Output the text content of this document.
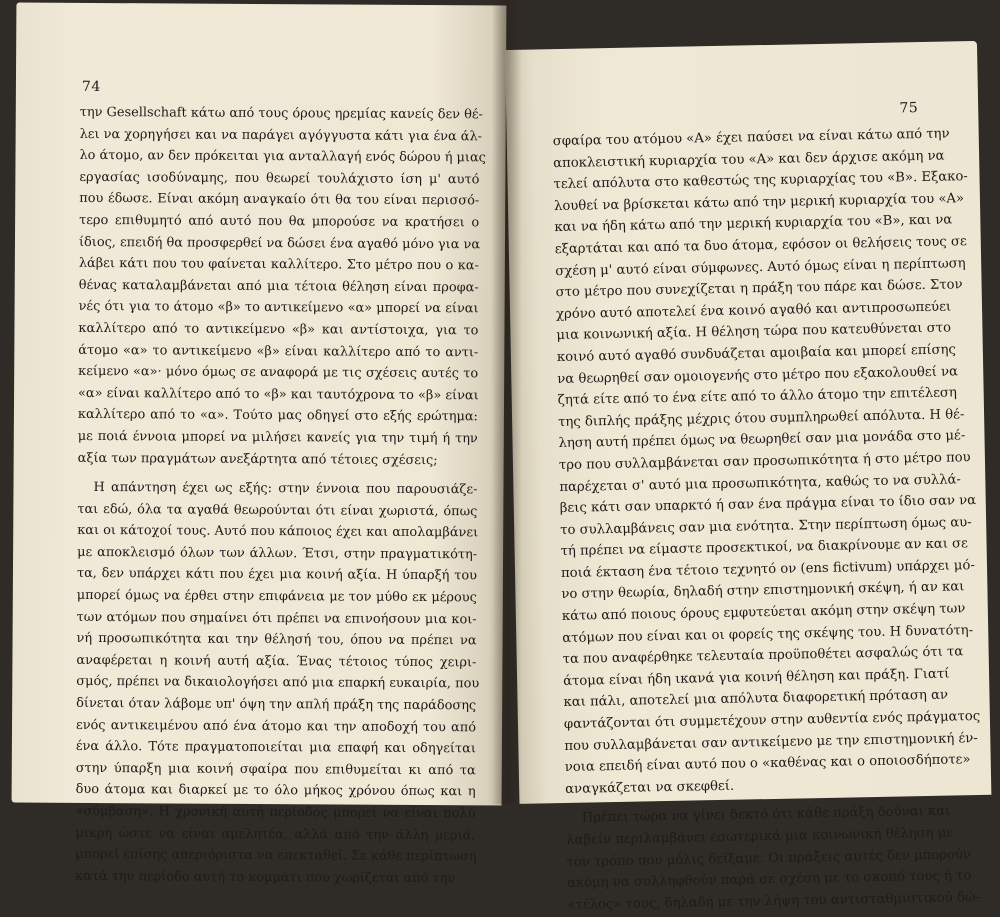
74
την Gesellschaft κάτω από τους όρους ηρεμίας κανείς δεν θέ-
λει να χορηγήσει και να παράγει αγόγγυστα κάτι για ένα άλ-
λο άτομο, αν δεν πρόκειται για ανταλλαγή ενός δώρου ή μιας
εργασίας ισοδύναμης, που θεωρεί τουλάχιστο ίση μ' αυτό
που έδωσε. Είναι ακόμη αναγκαίο ότι θα του είναι περισσό-
τερο επιθυμητό από αυτό που θα μπορούσε να κρατήσει ο
ίδιος, επειδή θα προσφερθεί να δώσει ένα αγαθό μόνο για να
λάβει κάτι που του φαίνεται καλλίτερο. Στο μέτρο που ο κα-
θένας καταλαμβάνεται από μια τέτοια θέληση είναι προφα-
νές ότι για το άτομο «β» το αντικείμενο «α» μπορεί να είναι
καλλίτερο από το αντικείμενο «β» και αντίστοιχα, για το
άτομο «α» το αντικείμενο «β» είναι καλλίτερο από το αντι-
κείμενο «α»· μόνο όμως σε αναφορά με τις σχέσεις αυτές το
«α» είναι καλλίτερο από το «β» και ταυτόχρονα το «β» είναι
καλλίτερο από το «α». Τούτο μας οδηγεί στο εξής ερώτημα:
με ποιά έννοια μπορεί να μιλήσει κανείς για την τιμή ή την
αξία των πραγμάτων ανεξάρτητα από τέτοιες σχέσεις;
Η απάντηση έχει ως εξής: στην έννοια που παρουσιάζε-
ται εδώ, όλα τα αγαθά θεωρούνται ότι είναι χωριστά, όπως
και οι κάτοχοί τους. Αυτό που κάποιος έχει και απολαμβάνει
με αποκλεισμό όλων των άλλων. Έτσι, στην πραγματικότη-
τα, δεν υπάρχει κάτι που έχει μια κοινή αξία. Η ύπαρξή του
μπορεί όμως να έρθει στην επιφάνεια με τον μύθο εκ μέρους
των ατόμων που σημαίνει ότι πρέπει να επινοήσουν μια κοι-
νή προσωπικότητα και την θέλησή του, όπου να πρέπει να
αναφέρεται η κοινή αυτή αξία. Ένας τέτοιος τύπος χειρι-
σμός, πρέπει να δικαιολογήσει από μια επαρκή ευκαιρία, που
δίνεται όταν λάβομε υπ' όψη την απλή πράξη της παράδοσης
ενός αντικειμένου από ένα άτομο και την αποδοχή του από
ένα άλλο. Τότε πραγματοποιείται μια επαφή και οδηγείται
στην ύπαρξη μια κοινή σφαίρα που επιθυμείται κι από τα
δυο άτομα και διαρκεί με το όλο μήκος χρόνου όπως και η
«σύμβαση». Η χρονική αυτή περίοδος μπορεί να είναι πολύ
μικρή ώστε να είναι αμελητέα, αλλά από την άλλη μεριά,
μπορεί επίσης απεριόριστα να επεκταθεί. Σε κάθε περίπτωση
κατά την περίοδο αυτή το κομμάτι που χωρίζεται από την
75
σφαίρα του ατόμου «Α» έχει παύσει να είναι κάτω από την
αποκλειστική κυριαρχία του «Α» και δεν άρχισε ακόμη να
τελεί απόλυτα στο καθεστώς της κυριαρχίας του «Β». Εξακο-
λουθεί να βρίσκεται κάτω από την μερική κυριαρχία του «Α»
και να ήδη κάτω από την μερική κυριαρχία του «Β», και να
εξαρτάται και από τα δυο άτομα, εφόσον οι θελήσεις τους σε
σχέση μ' αυτό είναι σύμφωνες. Αυτό όμως είναι η περίπτωση
στο μέτρο που συνεχίζεται η πράξη του πάρε και δώσε. Στον
χρόνο αυτό αποτελεί ένα κοινό αγαθό και αντιπροσωπεύει
μια κοινωνική αξία. Η θέληση τώρα που κατευθύνεται στο
κοινό αυτό αγαθό συνδυάζεται αμοιβαία και μπορεί επίσης
να θεωρηθεί σαν ομοιογενής στο μέτρο που εξακολουθεί να
ζητά είτε από το ένα είτε από το άλλο άτομο την επιτέλεση
της διπλής πράξης μέχρις ότου συμπληρωθεί απόλυτα. Η θέ-
ληση αυτή πρέπει όμως να θεωρηθεί σαν μια μονάδα στο μέ-
τρο που συλλαμβάνεται σαν προσωπικότητα ή στο μέτρο που
παρέχεται σ' αυτό μια προσωπικότητα, καθώς το να συλλά-
βεις κάτι σαν υπαρκτό ή σαν ένα πράγμα είναι το ίδιο σαν να
το συλλαμβάνεις σαν μια ενότητα. Στην περίπτωση όμως αυ-
τή πρέπει να είμαστε προσεκτικοί, να διακρίνουμε αν και σε
ποιά έκταση ένα τέτοιο τεχνητό ον (ens fictivum) υπάρχει μό-
νο στην θεωρία, δηλαδή στην επιστημονική σκέψη, ή αν και
κάτω από ποιους όρους εμφυτεύεται ακόμη στην σκέψη των
ατόμων που είναι και οι φορείς της σκέψης του. Η δυνατότη-
τα που αναφέρθηκε τελευταία προϋποθέτει ασφαλώς ότι τα
άτομα είναι ήδη ικανά για κοινή θέληση και πράξη. Γιατί
και πάλι, αποτελεί μια απόλυτα διαφορετική πρόταση αν
φαντάζονται ότι συμμετέχουν στην αυθεντία ενός πράγματος
που συλλαμβάνεται σαν αντικείμενο με την επιστημονική έν-
νοια επειδή είναι αυτό που ο «καθένας και ο οποιοσδήποτε»
αναγκάζεται να σκεφθεί.
Πρέπει τώρα να γίνει δεκτό ότι κάθε πράξη δούναι και
λαβείν περιλαμβάνει εσωτερικά μια κοινωνική θέληση με
τον τρόπο που μόλις δείξαμε. Οι πράξεις αυτές δεν μπορούν
ακόμη να συλληφθούν παρά σε σχέση με το σκοπό τους ή το
«τέλος» τους, δηλαδή με την λήψη του αντισταθμιστικού δώ-
